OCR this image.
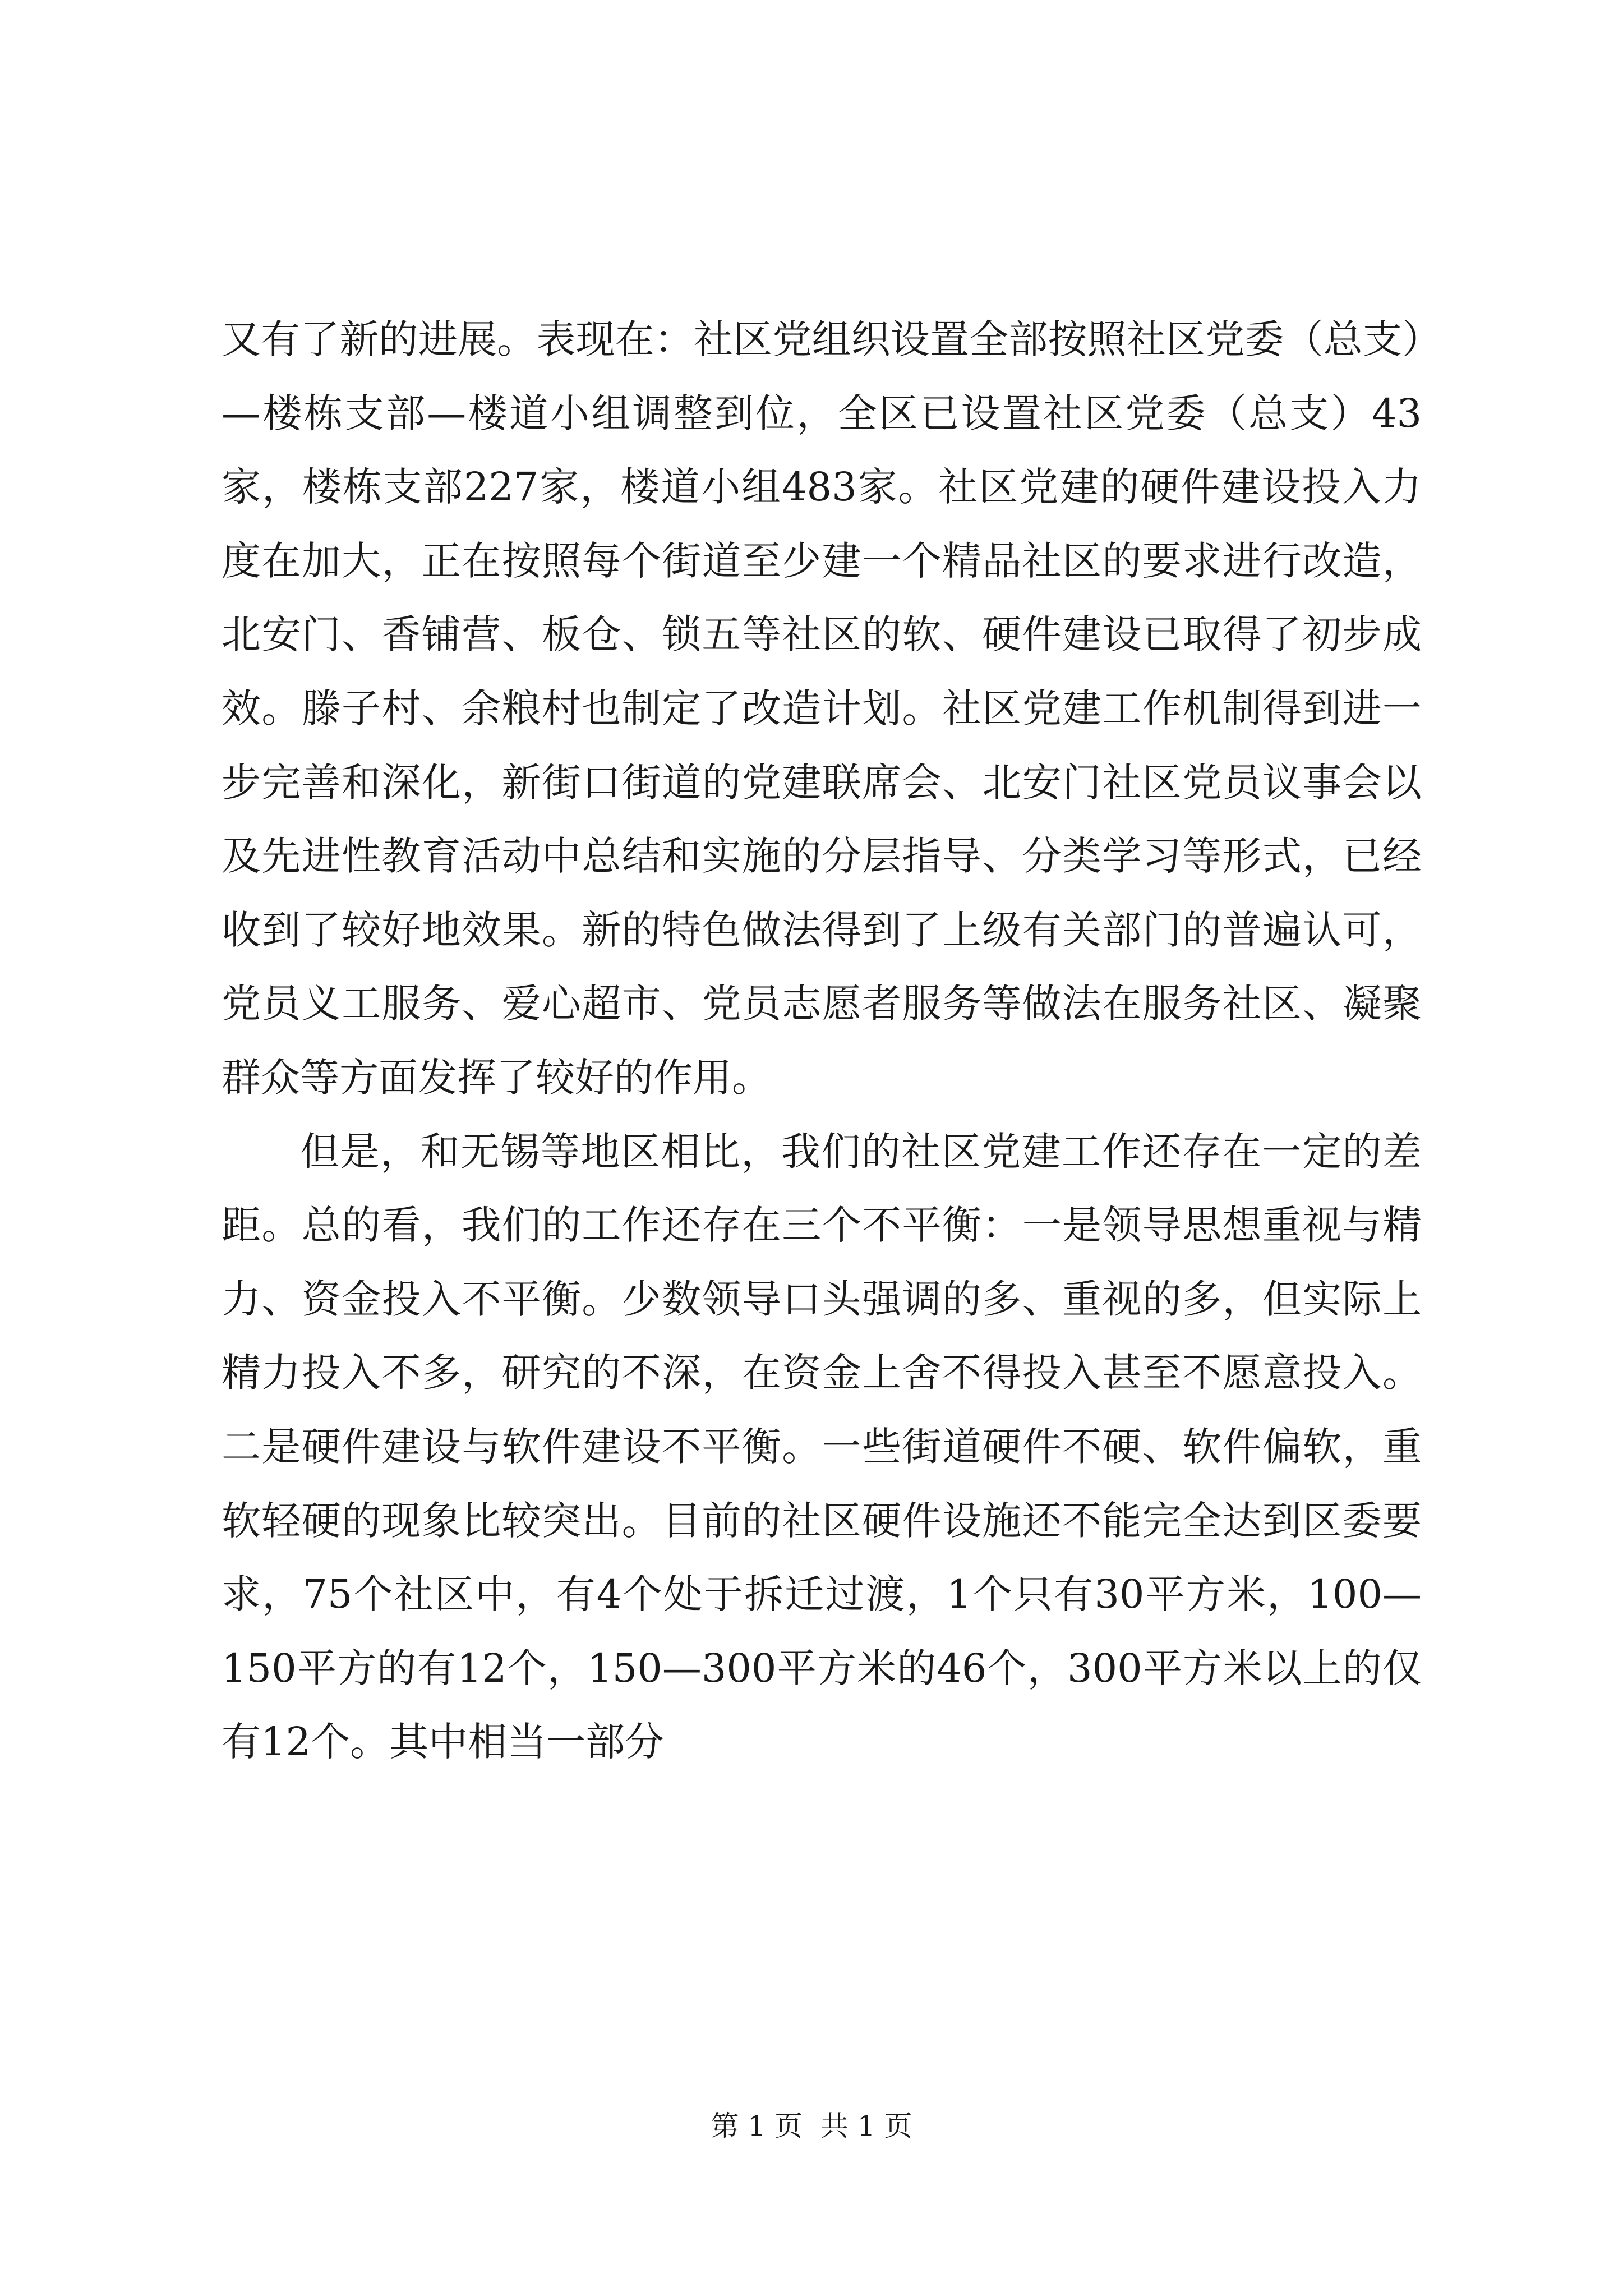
又有了新的进展。表现在：社区党组织设置全部按照社区党委（总支）—楼栋支部—楼道小组调整到位，全区已设置社区党委（总支）43家，楼栋支部227家，楼道小组483家。社区党建的硬件建设投入力度在加大，正在按照每个街道至少建一个精品社区的要求进行改造，北安门、香铺营、板仓、锁五等社区的软、硬件建设已取得了初步成效。滕子村、余粮村也制定了改造计划。社区党建工作机制得到进一步完善和深化，新街口街道的党建联席会、北安门社区党员议事会以及先进性教育活动中总结和实施的分层指导、分类学习等形式，已经收到了较好地效果。新的特色做法得到了上级有关部门的普遍认可，党员义工服务、爱心超市、党员志愿者服务等做法在服务社区、凝聚群众等方面发挥了较好的作用。

但是，和无锡等地区相比，我们的社区党建工作还存在一定的差距。总的看，我们的工作还存在三个不平衡：一是领导思想重视与精力、资金投入不平衡。少数领导口头强调的多、重视的多，但实际上精力投入不多，研究的不深，在资金上舍不得投入甚至不愿意投入。二是硬件建设与软件建设不平衡。一些街道硬件不硬、软件偏软，重软轻硬的现象比较突出。目前的社区硬件设施还不能完全达到区委要求，75个社区中，有4个处于拆迁过渡，1个只有30平方米，100—150平方的有12个，150—300平方米的46个，300平方米以上的仅有12个。其中相当一部分

第 1 页  共 1 页
